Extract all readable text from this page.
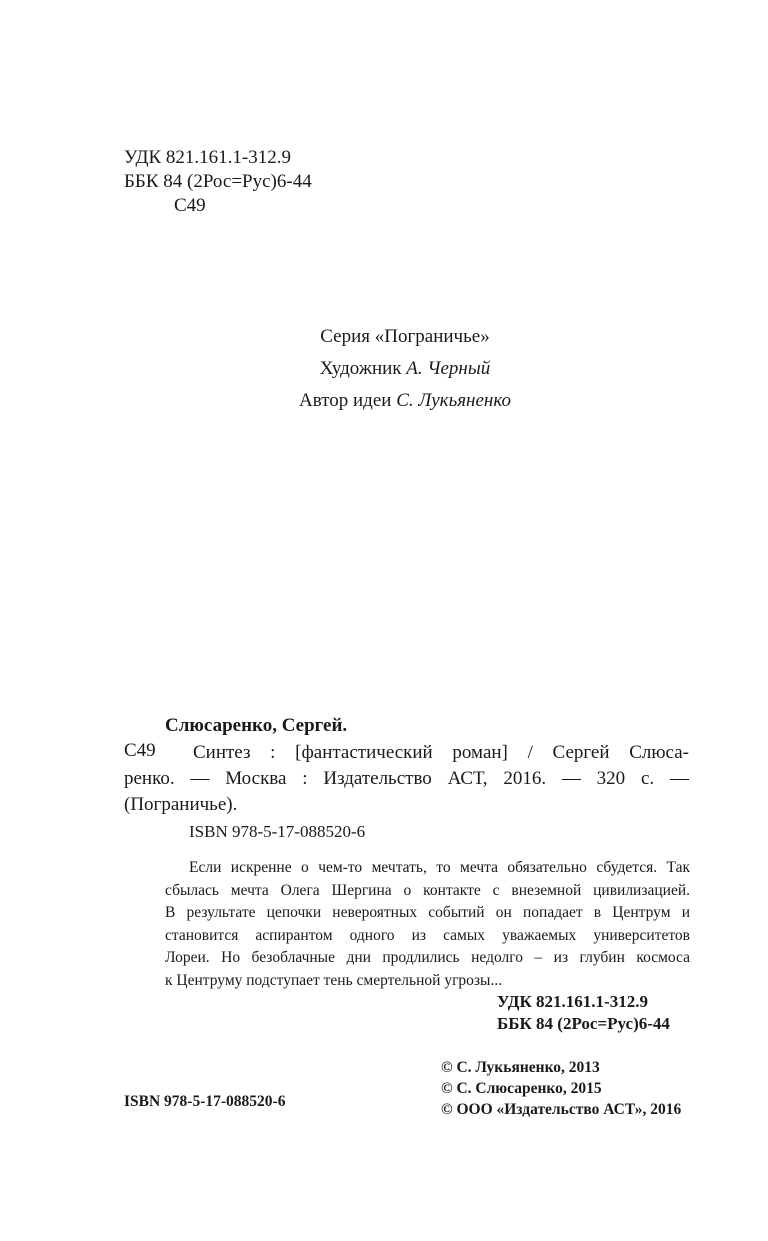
УДК 821.161.1-312.9
ББК 84 (2Рос=Рус)6-44
С49
Серия «Пограничье»
Художник А. Черный
Автор идеи С. Лукьяненко
Слюсаренко, Сергей.
С49 Синтез : [фантастический роман] / Сергей Слюса-
ренко. — Москва : Издательство АСТ, 2016. — 320 с. —
(Пограничье).
ISBN 978-5-17-088520-6
Если искренне о чем-то мечтать, то мечта обязательно сбудется. Так
сбылась мечта Олега Шергина о контакте с внеземной цивилизацией.
В результате цепочки невероятных событий он попадает в Центрум и
становится аспирантом одного из самых уважаемых университетов
Лореи. Но безоблачные дни продлились недолго – из глубин космоса
к Центруму подступает тень смертельной угрозы...
УДК 821.161.1-312.9
ББК 84 (2Рос=Рус)6-44
© С. Лукьяненко, 2013
© С. Слюсаренко, 2015
© ООО «Издательство АСТ», 2016
ISBN 978-5-17-088520-6
